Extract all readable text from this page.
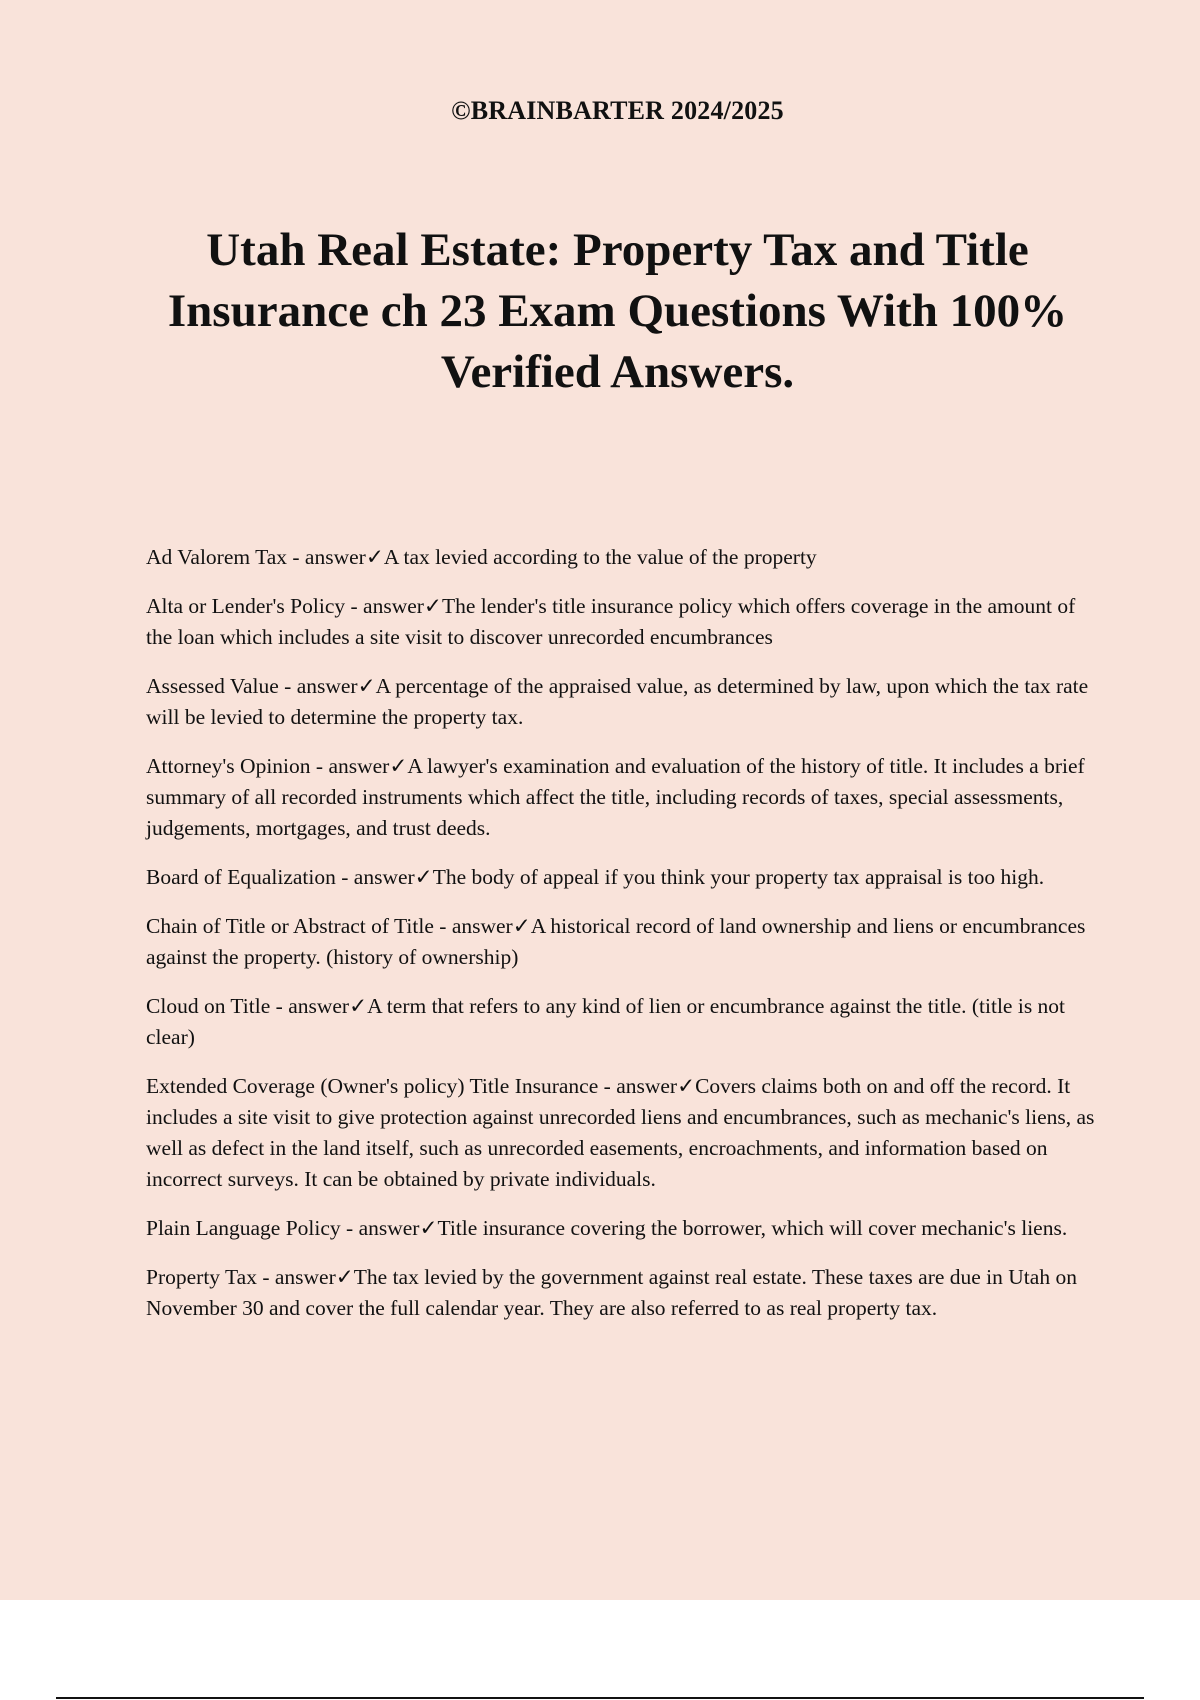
©BRAINBARTER 2024/2025

Utah Real Estate: Property Tax and Title Insurance ch 23 Exam Questions With 100% Verified Answers.
Ad Valorem Tax - answer✓A tax levied according to the value of the property
Alta or Lender's Policy - answer✓The lender's title insurance policy which offers coverage in the amount of the loan which includes a site visit to discover unrecorded encumbrances
Assessed Value - answer✓A percentage of the appraised value, as determined by law, upon which the tax rate will be levied to determine the property tax.
Attorney's Opinion - answer✓A lawyer's examination and evaluation of the history of title. It includes a brief summary of all recorded instruments which affect the title, including records of taxes, special assessments, judgements, mortgages, and trust deeds.
Board of Equalization - answer✓The body of appeal if you think your property tax appraisal is too high.
Chain of Title or Abstract of Title - answer✓A historical record of land ownership and liens or encumbrances against the property. (history of ownership)
Cloud on Title - answer✓A term that refers to any kind of lien or encumbrance against the title. (title is not clear)
Extended Coverage (Owner's policy) Title Insurance - answer✓Covers claims both on and off the record. It includes a site visit to give protection against unrecorded liens and encumbrances, such as mechanic's liens, as well as defect in the land itself, such as unrecorded easements, encroachments, and information based on incorrect surveys. It can be obtained by private individuals.
Plain Language Policy - answer✓Title insurance covering the borrower, which will cover mechanic's liens.
Property Tax - answer✓The tax levied by the government against real estate. These taxes are due in Utah on November 30 and cover the full calendar year. They are also referred to as real property tax.
